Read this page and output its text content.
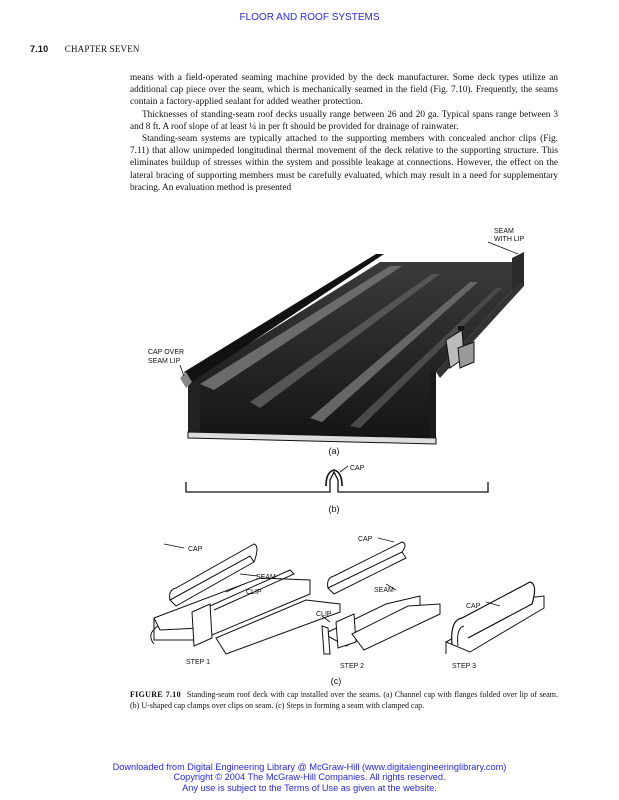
FLOOR AND ROOF SYSTEMS
7.10 CHAPTER SEVEN

means with a field-operated seaming machine provided by the deck manufacturer. Some deck types utilize an additional cap piece over the seam, which is mechanically seamed in the field (Fig. 7.10). Frequently, the seams contain a factory-applied sealant for added weather protection.

Thicknesses of standing-seam roof decks usually range between 26 and 20 ga. Typical spans range between 3 and 8 ft. A roof slope of at least ¼ in per ft should be provided for drainage of rainwater.

Standing-seam systems are typically attached to the supporting members with concealed anchor clips (Fig. 7.11) that allow unimpeded longitudinal thermal movement of the deck relative to the supporting structure. This eliminates buildup of stresses within the system and possible leakage at connections. However, the effect on the lateral bracing of supporting members must be carefully evaluated, which may result in a need for supplementary bracing. An evaluation method is presented

SEAM
WITH LIP
CAP OVER
SEAM LIP
(a)
CAP
(b)
CAP
SEAM
CLIP
STEP 1
CAP
SEAM
CLIP
STEP 2
CAP
STEP 3
(c)
FIGURE 7.10 Standing-seam roof deck with cap installed over the seams. (a) Channel cap with flanges folded over lip of seam. (b) U-shaped cap clamps over clips on seam. (c) Steps in forming a seam with clamped cap.
Downloaded from Digital Engineering Library @ McGraw-Hill (www.digitalengineeringlibrary.com)
Copyright © 2004 The McGraw-Hill Companies. All rights reserved.
Any use is subject to the Terms of Use as given at the website.
